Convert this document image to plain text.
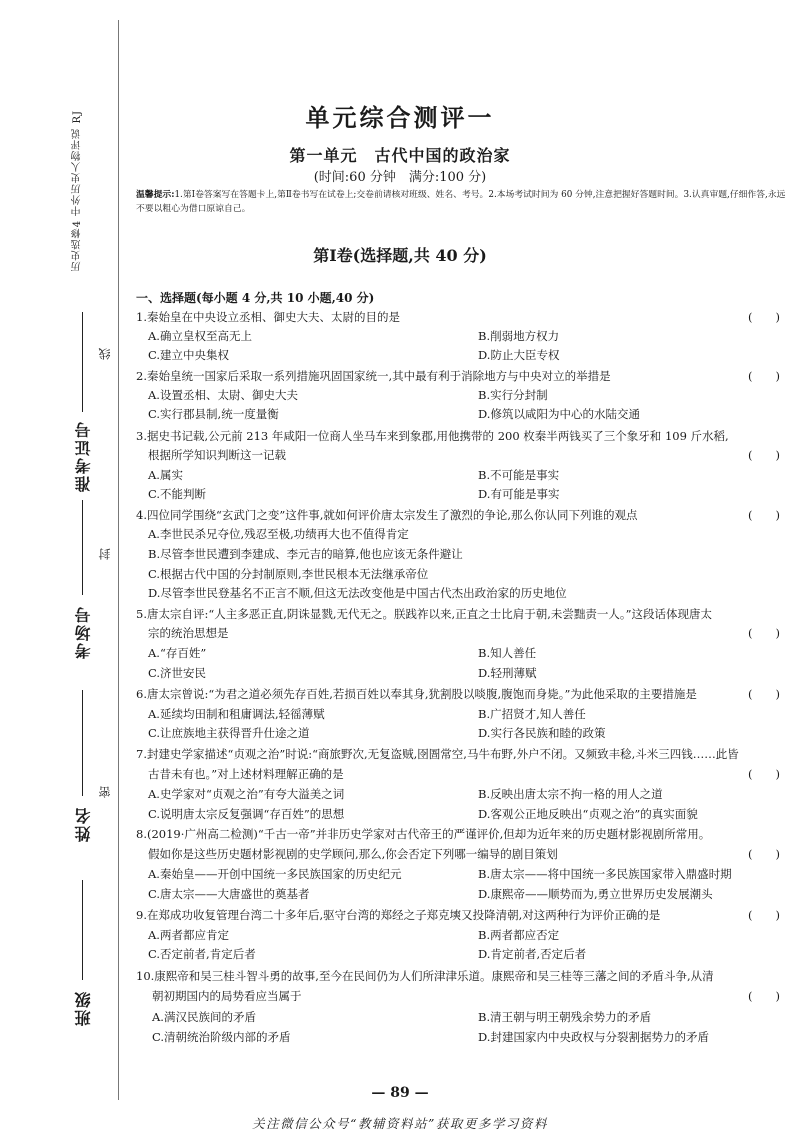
历史选修4 中外历史人物评说 RJ
准考证号
考场号
姓名
班级
线
封
密
单元综合测评一
第一单元　古代中国的政治家
(时间:60 分钟　满分:100 分)
温馨提示:1.第Ⅰ卷答案写在答题卡上,第Ⅱ卷书写在试卷上;交卷前请核对班级、姓名、考号。2.本场考试时间为 60 分钟,注意把握好答题时间。3.认真审题,仔细作答,永远不要以粗心为借口原谅自己。
第Ⅰ卷(选择题,共 40 分)
一、选择题(每小题 4 分,共 10 小题,40 分)
1.秦始皇在中央设立丞相、御史大夫、太尉的目的是	(　　)
A.确立皇权至高无上	B.削弱地方权力
C.建立中央集权	D.防止大臣专权
2.秦始皇统一国家后采取一系列措施巩固国家统一,其中最有利于消除地方与中央对立的举措是	(　　)
A.设置丞相、太尉、御史大夫	B.实行分封制
C.实行郡县制,统一度量衡	D.修筑以咸阳为中心的水陆交通
3.据史书记载,公元前 213 年咸阳一位商人坐马车来到象郡,用他携带的 200 枚秦半两钱买了三个象牙和 109 斤水稻,
根据所学知识判断这一记载	(　　)
A.属实	B.不可能是事实
C.不能判断	D.有可能是事实
4.四位同学围绕“玄武门之变”这件事,就如何评价唐太宗发生了激烈的争论,那么你认同下列谁的观点	(　　)
A.李世民杀兄夺位,残忍至极,功绩再大也不值得肯定
B.尽管李世民遭到李建成、李元吉的暗算,他也应该无条件避让
C.根据古代中国的分封制原则,李世民根本无法继承帝位
D.尽管李世民登基名不正言不顺,但这无法改变他是中国古代杰出政治家的历史地位
5.唐太宗自评:“人主多恶正直,阴诛显戮,无代无之。朕践祚以来,正直之士比肩于朝,未尝黜责一人。”这段话体现唐太
宗的统治思想是	(　　)
A.“存百姓”	B.知人善任
C.济世安民	D.轻刑薄赋
6.唐太宗曾说:“为君之道必须先存百姓,若损百姓以奉其身,犹割股以啖腹,腹饱而身毙。”为此他采取的主要措施是	(　　)
A.延续均田制和租庸调法,轻徭薄赋	B.广招贤才,知人善任
C.让庶族地主获得晋升仕途之道	D.实行各民族和睦的政策
7.封建史学家描述“贞观之治”时说:“商旅野次,无复盗贼,囹圄常空,马牛布野,外户不闭。又频致丰稔,斗米三四钱……此皆
古昔未有也。”对上述材料理解正确的是	(　　)
A.史学家对“贞观之治”有夸大溢美之词	B.反映出唐太宗不拘一格的用人之道
C.说明唐太宗反复强调“存百姓”的思想	D.客观公正地反映出“贞观之治”的真实面貌
8.(2019·广州高二检测)“千古一帝”并非历史学家对古代帝王的严谨评价,但却为近年来的历史题材影视剧所常用。
假如你是这些历史题材影视剧的史学顾问,那么,你会否定下列哪一编导的剧目策划	(　　)
A.秦始皇——开创中国统一多民族国家的历史纪元	B.唐太宗——将中国统一多民族国家带入鼎盛时期
C.唐太宗——大唐盛世的奠基者	D.康熙帝——顺势而为,勇立世界历史发展潮头
9.在郑成功收复管理台湾二十多年后,驱守台湾的郑经之子郑克塽又投降清朝,对这两种行为评价正确的是	(　　)
A.两者都应肯定	B.两者都应否定
C.否定前者,肯定后者	D.肯定前者,否定后者
10.康熙帝和吴三桂斗智斗勇的故事,至今在民间仍为人们所津津乐道。康熙帝和吴三桂等三藩之间的矛盾斗争,从清
朝初期国内的局势看应当属于	(　　)
A.满汉民族间的矛盾	B.清王朝与明王朝残余势力的矛盾
C.清朝统治阶级内部的矛盾	D.封建国家内中央政权与分裂割据势力的矛盾
— 89 —
关注微信公众号“教辅资料站”获取更多学习资料
